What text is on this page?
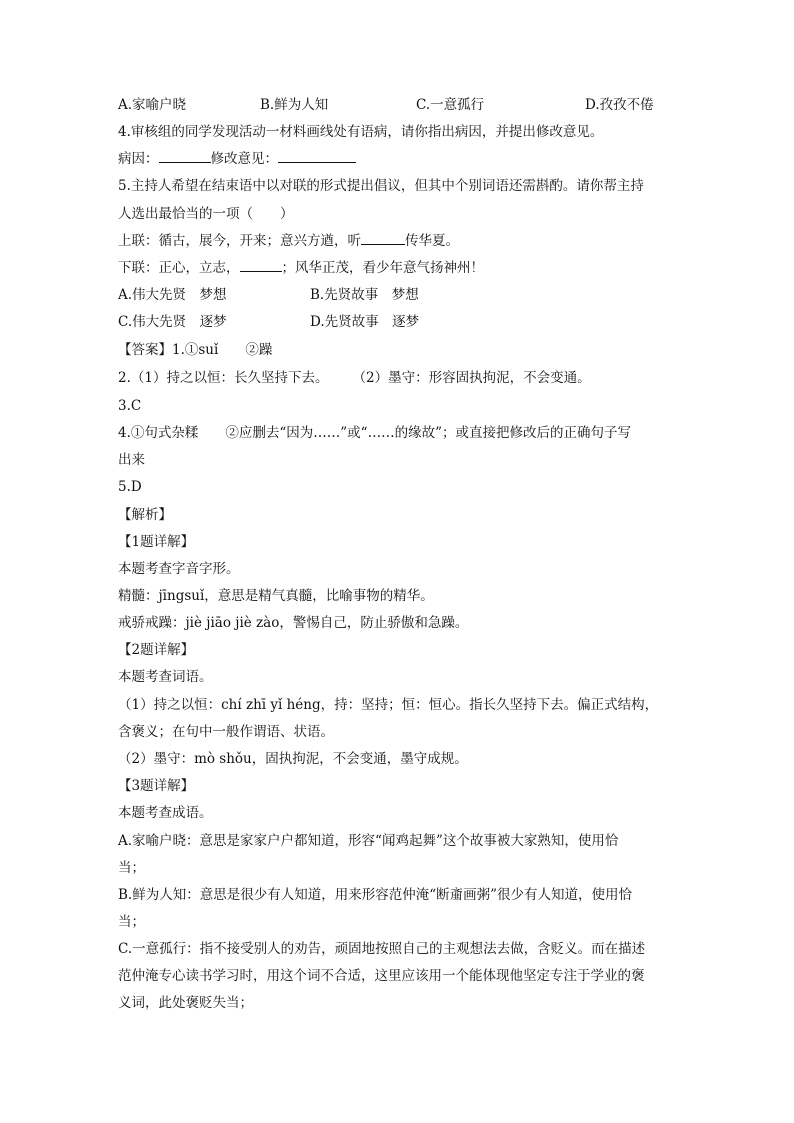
A.家喻户晓	B.鲜为人知	C.一意孤行	D.孜孜不倦
4.审核组的同学发现活动一材料画线处有语病，请你指出病因，并提出修改意见。
病因：	修改意见：
5.主持人希望在结束语中以对联的形式提出倡议，但其中个别词语还需斟酌。请你帮主持
人选出最恰当的一项（　　）
上联：循古，展今，开来；意兴方遒，听	传华夏。
下联：正心，立志，	；风华正茂，看少年意气扬神州！
A.伟大先贤　梦想	B.先贤故事　梦想
C.伟大先贤　逐梦	D.先贤故事　逐梦
【答案】1.①suǐ　　②躁
2.（1）持之以恒：长久坚持下去。 （2）墨守：形容固执拘泥，不会变通。
3.C
4.①句式杂糅　　②应删去“因为……”或“……的缘故”；或直接把修改后的正确句子写
出来
5.D
【解析】
【1题详解】
本题考查字音字形。
精髓：jīngsuǐ，意思是精气真髓，比喻事物的精华。
戒骄戒躁：jiè jiāo jiè zào，警惕自己，防止骄傲和急躁。
【2题详解】
本题考查词语。
（1）持之以恒：chí zhī yǐ héng，持：坚持；恒：恒心。指长久坚持下去。偏正式结构，
含褒义；在句中一般作谓语、状语。
（2）墨守：mò shǒu，固执拘泥，不会变通，墨守成规。
【3题详解】
本题考查成语。
A.家喻户晓：意思是家家户户都知道，形容“闻鸡起舞”这个故事被大家熟知，使用恰
当；
B.鲜为人知：意思是很少有人知道，用来形容范仲淹“断齑画粥”很少有人知道，使用恰
当；
C.一意孤行：指不接受别人的劝告，顽固地按照自己的主观想法去做，含贬义。而在描述
范仲淹专心读书学习时，用这个词不合适，这里应该用一个能体现他坚定专注于学业的褒
义词，此处褒贬失当；
